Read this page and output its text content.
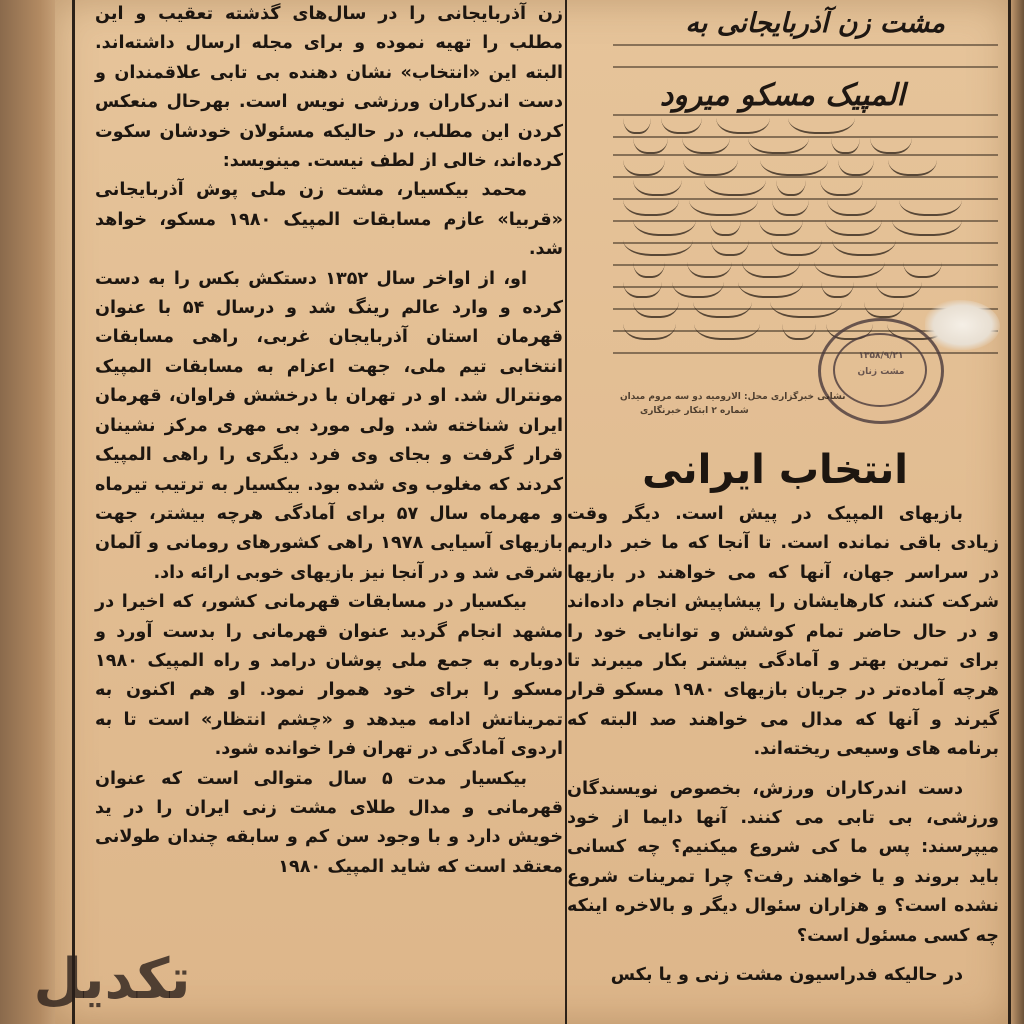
زن آذربایجانی را در سال‌های گذشته تعقیب و این مطلب را تهیه نموده و برای مجله ارسال داشته‌اند. البته این «انتخاب» نشان دهنده بی تابی علاقمندان و دست اندرکاران ورزشی نویس است. بهرحال منعکس کردن این مطلب، در حالیکه مسئولان خودشان سکوت کرده‌اند، خالی از لطف نیست. مینویسد:

محمد بیکسیار، مشت زن ملی پوش آذربایجانی «قربیا» عازم مسابقات المپیک ۱۹۸۰ مسکو، خواهد شد.

او، از اواخر سال ۱۳۵۲ دستکش بکس را به دست کرده و وارد عالم رینگ شد و درسال ۵۴ با عنوان قهرمان استان آذربایجان غربی، راهی مسابقات انتخابی تیم ملی، جهت اعزام به مسابقات المپیک مونترال شد. او در تهران با درخشش فراوان، قهرمان ایران شناخته شد. ولی مورد بی مهری مرکز نشینان قرار گرفت و بجای وی فرد دیگری را راهی المپیک کردند که مغلوب وی شده بود. بیکسیار به ترتیب تیرماه و مهرماه سال ۵۷ برای آمادگی هرچه بیشتر، جهت بازیهای آسیایی ۱۹۷۸ راهی کشورهای رومانی و آلمان شرقی شد و در آنجا نیز بازیهای خوبی ارائه داد.

بیکسیار در مسابقات قهرمانی کشور، که اخیرا در مشهد انجام گردید عنوان قهرمانی را بدست آورد و دوباره به جمع ملی پوشان درامد و راه المپیک ۱۹۸۰ مسکو را برای خود هموار نمود. او هم اکنون به تمریناتش ادامه میدهد و «چشم انتظار» است تا به اردوی آمادگی در تهران فرا خوانده شود.

بیکسیار مدت ۵ سال متوالی است که عنوان قهرمانی و مدال طلای مشت زنی ایران را در ید خویش دارد و با وجود سن کم و سابقه چندان طولانی معتقد است که شاید المپیک ۱۹۸۰

مشت زن آذربایجانی به
المپیک مسکو میرود
۱۳۵۸/۹/۲۱
مشت زنان
نشانی خبرگزاری محل: الارومیه دو سه مروم میدان
شماره ۲ ابتکار خبرنگاری
انتخاب ایرانی

بازیهای المپیک در پیش است. دیگر وقت زیادی باقی نمانده است. تا آنجا که ما خبر داریم در سراسر جهان، آنها که می خواهند در بازیها شرکت کنند، کارهایشان را پیشاپیش انجام داده‌اند و در حال حاضر تمام کوشش و توانایی خود را برای تمرین بهتر و آمادگی بیشتر بکار میبرند تا هرچه آماده‌تر در جریان بازیهای ۱۹۸۰ مسکو قرار گیرند و آنها که مدال می خواهند صد البته که برنامه های وسیعی ریخته‌اند.

دست اندرکاران ورزش، بخصوص نویسندگان ورزشی، بی تابی می کنند. آنها دایما از خود میپرسند: پس ما کی شروع میکنیم؟ چه کسانی باید بروند و یا خواهند رفت؟ چرا تمرینات شروع نشده است؟ و هزاران سئوال دیگر و بالاخره اینکه چه کسی مسئول است؟

در حالیکه فدراسیون مشت زنی و یا بکس

تکدیل
